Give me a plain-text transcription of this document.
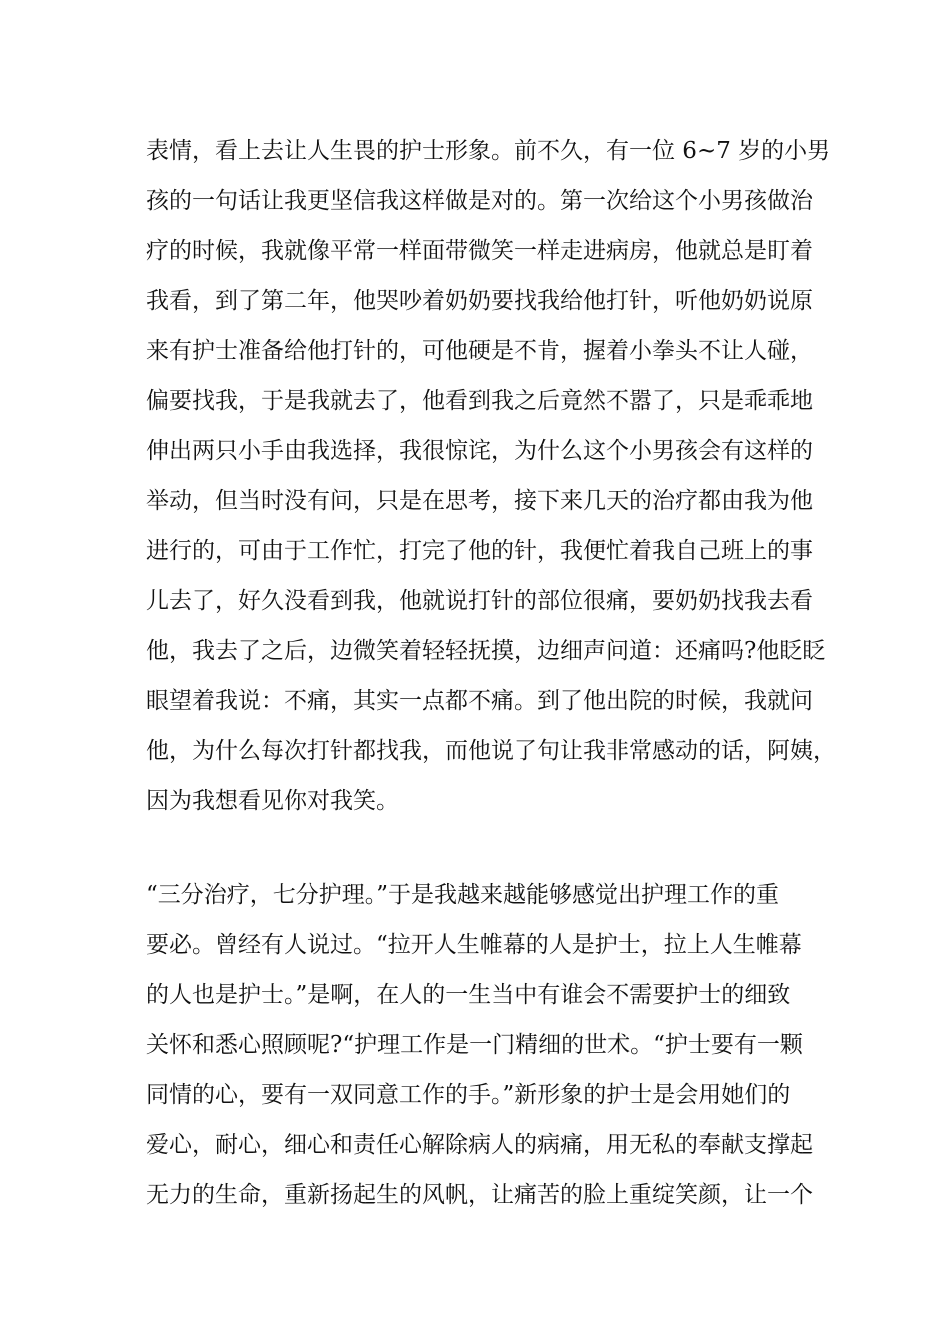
表情，看上去让人生畏的护士形象。前不久，有一位 6~7 岁的小男
孩的一句话让我更坚信我这样做是对的。第一次给这个小男孩做治
疗的时候，我就像平常一样面带微笑一样走进病房，他就总是盯着
我看，到了第二年，他哭吵着奶奶要找我给他打针，听他奶奶说原
来有护士准备给他打针的，可他硬是不肯，握着小拳头不让人碰，
偏要找我，于是我就去了，他看到我之后竟然不嚣了，只是乖乖地
伸出两只小手由我选择，我很惊诧，为什么这个小男孩会有这样的
举动，但当时没有问，只是在思考，接下来几天的治疗都由我为他
进行的，可由于工作忙，打完了他的针，我便忙着我自己班上的事
儿去了，好久没看到我，他就说打针的部位很痛，要奶奶找我去看
他，我去了之后，边微笑着轻轻抚摸，边细声问道：还痛吗?他眨眨
眼望着我说：不痛，其实一点都不痛。到了他出院的时候，我就问
他，为什么每次打针都找我，而他说了句让我非常感动的话，阿姨，
因为我想看见你对我笑。
“三分治疗，七分护理。”于是我越来越能够感觉出护理工作的重
要必。曾经有人说过。“拉开人生帷幕的人是护士，拉上人生帷幕
的人也是护士。”是啊，在人的一生当中有谁会不需要护士的细致
关怀和悉心照顾呢?“护理工作是一门精细的世术。“护士要有一颗
同情的心，要有一双同意工作的手。”新形象的护士是会用她们的
爱心，耐心，细心和责任心解除病人的病痛，用无私的奉献支撑起
无力的生命，重新扬起生的风帆，让痛苦的脸上重绽笑颜，让一个
